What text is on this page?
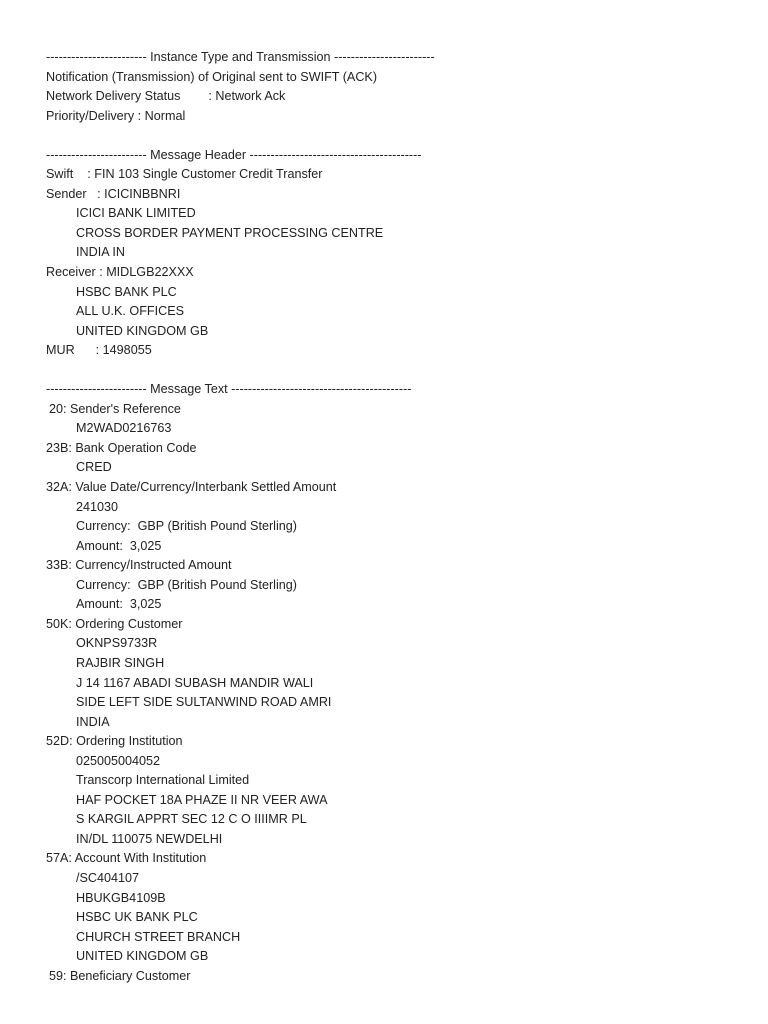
------------------------ Instance Type and Transmission ------------------------
Notification (Transmission) of Original sent to SWIFT (ACK)
Network Delivery Status        : Network Ack
Priority/Delivery : Normal
------------------------ Message Header -----------------------------------------
Swift    : FIN 103 Single Customer Credit Transfer
Sender   : ICICINBBNRI
ICICI BANK LIMITED
CROSS BORDER PAYMENT PROCESSING CENTRE
INDIA IN
Receiver : MIDLGB22XXX
HSBC BANK PLC
ALL U.K. OFFICES
UNITED KINGDOM GB
MUR      : 1498055
------------------------ Message Text -------------------------------------------
20: Sender's Reference
M2WAD0216763
23B: Bank Operation Code
CRED
32A: Value Date/Currency/Interbank Settled Amount
241030
Currency:  GBP (British Pound Sterling)
Amount:  3,025
33B: Currency/Instructed Amount
Currency:  GBP (British Pound Sterling)
Amount:  3,025
50K: Ordering Customer
OKNPS9733R
RAJBIR SINGH
J 14 1167 ABADI SUBASH MANDIR WALI
SIDE LEFT SIDE SULTANWIND ROAD AMRI
INDIA
52D: Ordering Institution
025005004052
Transcorp International Limited
HAF POCKET 18A PHAZE II NR VEER AWA
S KARGIL APPRT SEC 12 C O IIIIMR PL
IN/DL 110075 NEWDELHI
57A: Account With Institution
/SC404107
HBUKGB4109B
HSBC UK BANK PLC
CHURCH STREET BRANCH
UNITED KINGDOM GB
59: Beneficiary Customer
